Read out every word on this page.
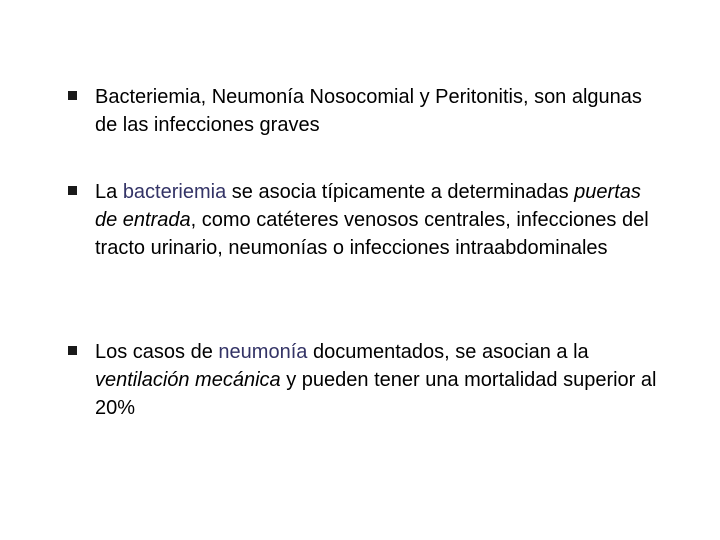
Bacteriemia, Neumonía Nosocomial y Peritonitis, son algunas de las infecciones graves
La bacteriemia se asocia típicamente a determinadas puertas de entrada, como catéteres venosos centrales, infecciones del tracto urinario, neumonías o infecciones intraabdominales
Los casos de neumonía documentados, se asocian a la ventilación mecánica y pueden tener una mortalidad superior al 20%
